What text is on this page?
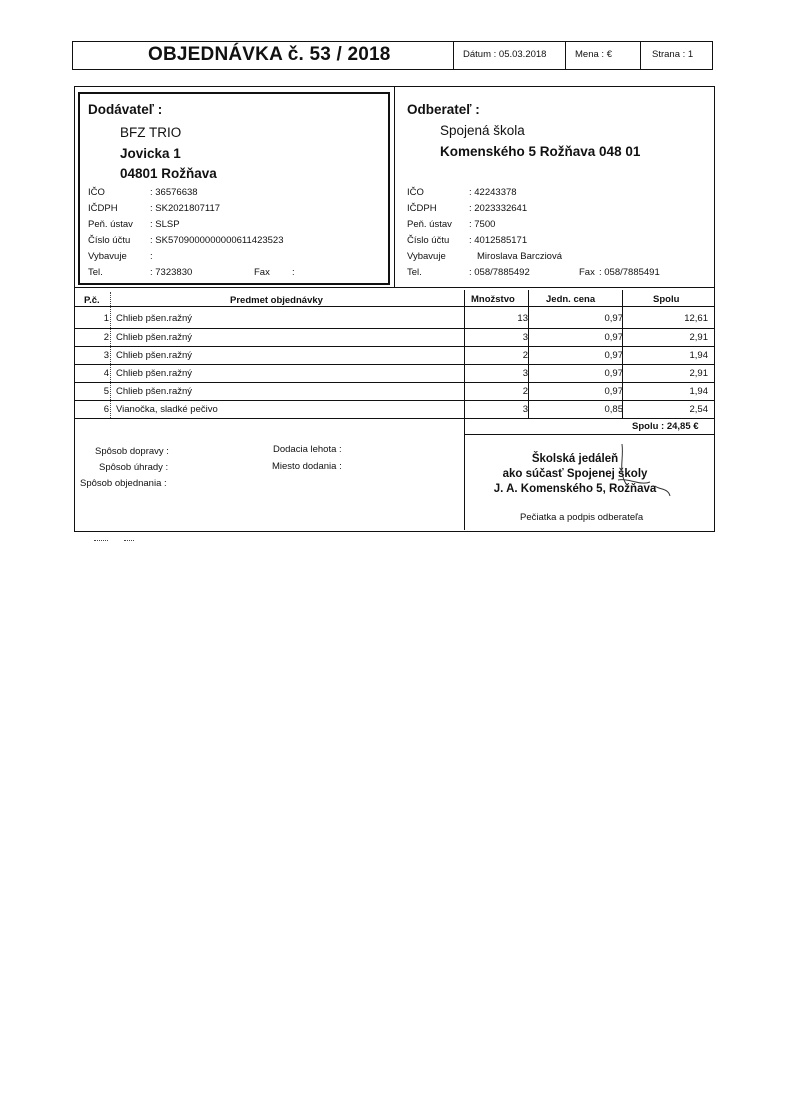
OBJEDNÁVKA č. 53 / 2018	Dátum : 05.03.2018	Mena : €	Strana : 1
Dodávateľ :
BFZ TRIO
Jovicka 1
04801 Rožňava
IČO	: 36576638
IČDPH	: SK2021807117
Peň. ústav : SLSP
Číslo účtu : SK5709000000000611423523
Vybavuje :
Tel.	: 7323830	Fax :
Odberateľ :
Spojená škola
Komenského 5 Rožňava 048 01
IČO	: 42243378
IČDPH	: 2023332641
Peň. ústav : 7500
Číslo účtu : 4012585171
Vybavuje	Miroslava Barcziová
Tel.	: 058/7885492	Fax : 058/7885491
P.č.	Predmet objednávky	Množstvo	Jedn. cena	Spolu
1	Chlieb pšen.ražný	13	0,97	12,61
2	Chlieb pšen.ražný	3	0,97	2,91
3	Chlieb pšen.ražný	2	0,97	1,94
4	Chlieb pšen.ražný	3	0,97	2,91
5	Chlieb pšen.ražný	2	0,97	1,94
6	Vianočka, sladké pečivo	3	0,85	2,54
Spolu : 24,85 €
Spôsob dopravy :
Spôsob úhrady :
Spôsob objednania :
Dodacia lehota :
Miesto dodania :
Školská jedáleň
ako súčasť Spojenej školy
J. A. Komenského 5, Rožňava
Pečiatka a podpis odberateľa
